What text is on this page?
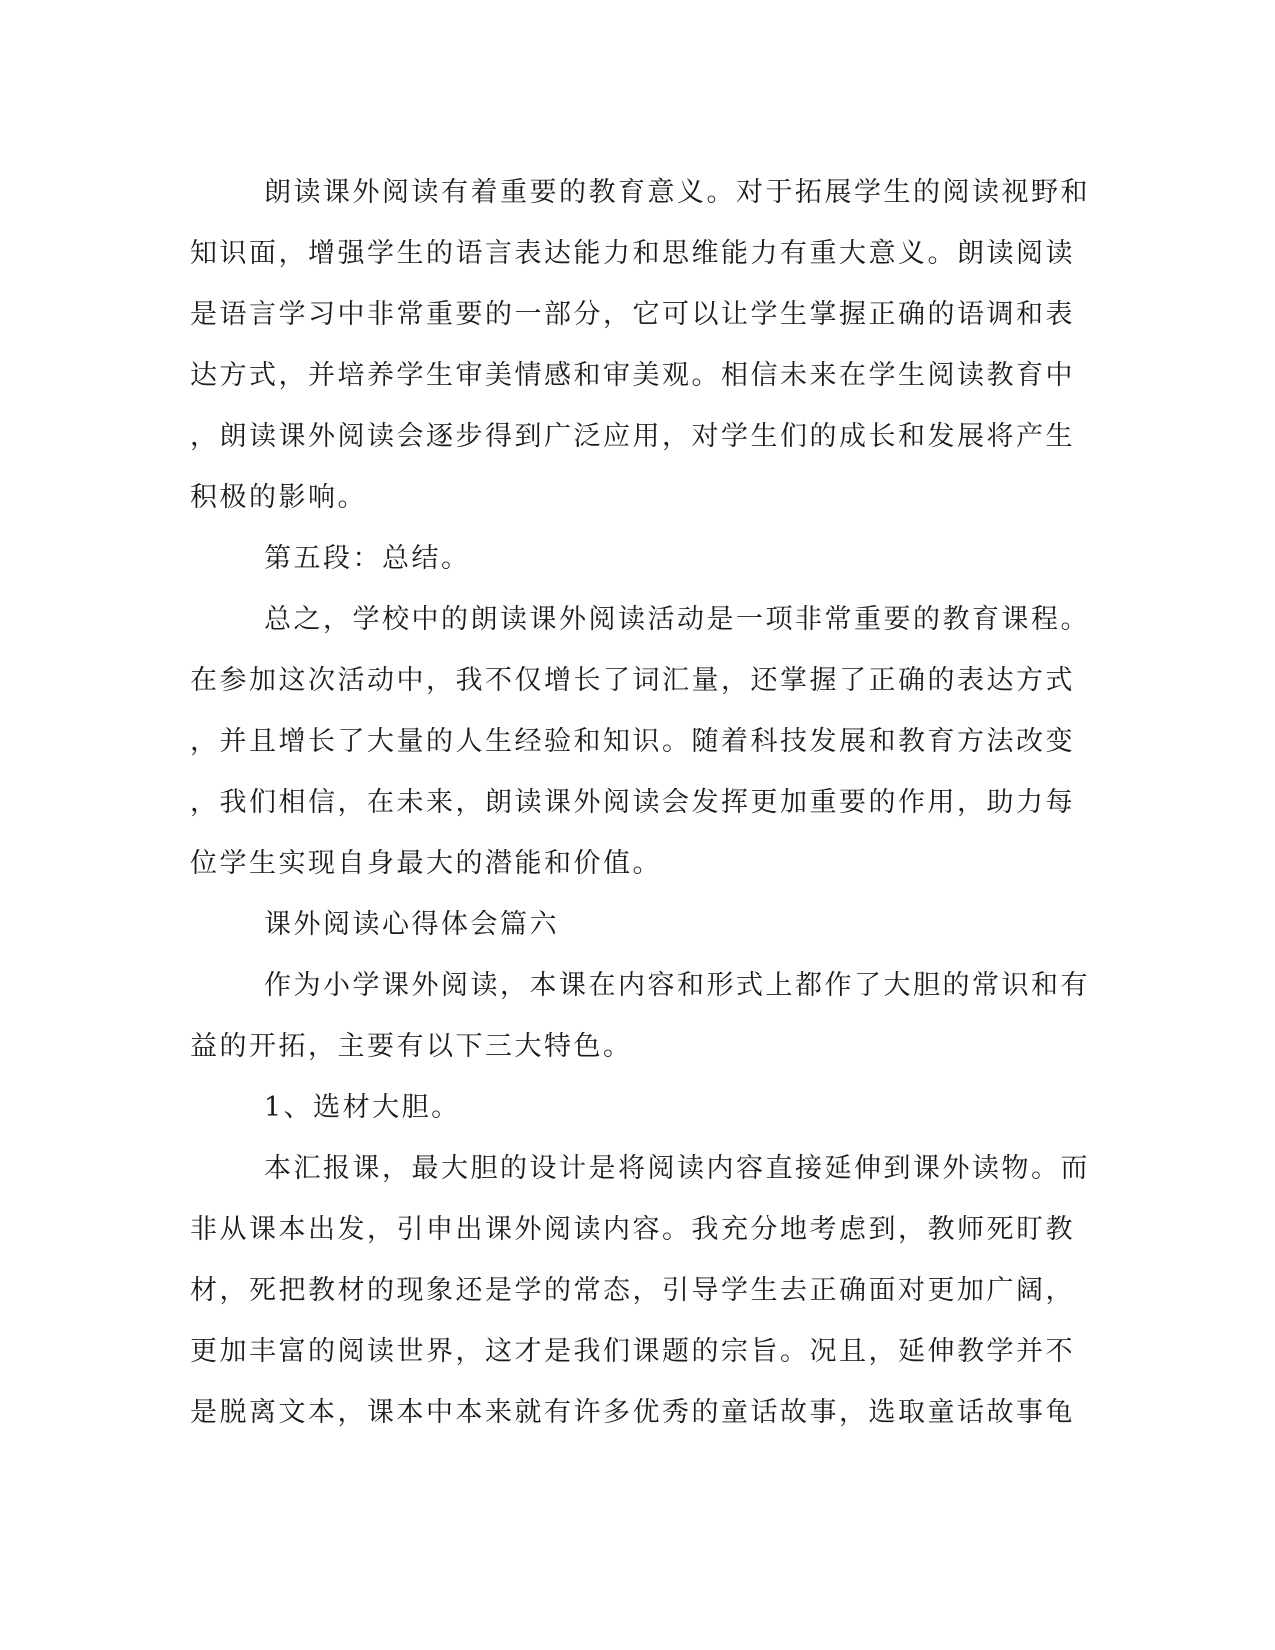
朗读课外阅读有着重要的教育意义。对于拓展学生的阅读视野和
知识面，增强学生的语言表达能力和思维能力有重大意义。朗读阅读
是语言学习中非常重要的一部分，它可以让学生掌握正确的语调和表
达方式，并培养学生审美情感和审美观。相信未来在学生阅读教育中
，朗读课外阅读会逐步得到广泛应用，对学生们的成长和发展将产生
积极的影响。
第五段：总结。
总之，学校中的朗读课外阅读活动是一项非常重要的教育课程。
在参加这次活动中，我不仅增长了词汇量，还掌握了正确的表达方式
，并且增长了大量的人生经验和知识。随着科技发展和教育方法改变
，我们相信，在未来，朗读课外阅读会发挥更加重要的作用，助力每
位学生实现自身最大的潜能和价值。
课外阅读心得体会篇六
作为小学课外阅读，本课在内容和形式上都作了大胆的常识和有
益的开拓，主要有以下三大特色。
1、选材大胆。
本汇报课，最大胆的设计是将阅读内容直接延伸到课外读物。而
非从课本出发，引申出课外阅读内容。我充分地考虑到，教师死盯教
材，死把教材的现象还是学的常态，引导学生去正确面对更加广阔，
更加丰富的阅读世界，这才是我们课题的宗旨。况且，延伸教学并不
是脱离文本，课本中本来就有许多优秀的童话故事，选取童话故事龟
